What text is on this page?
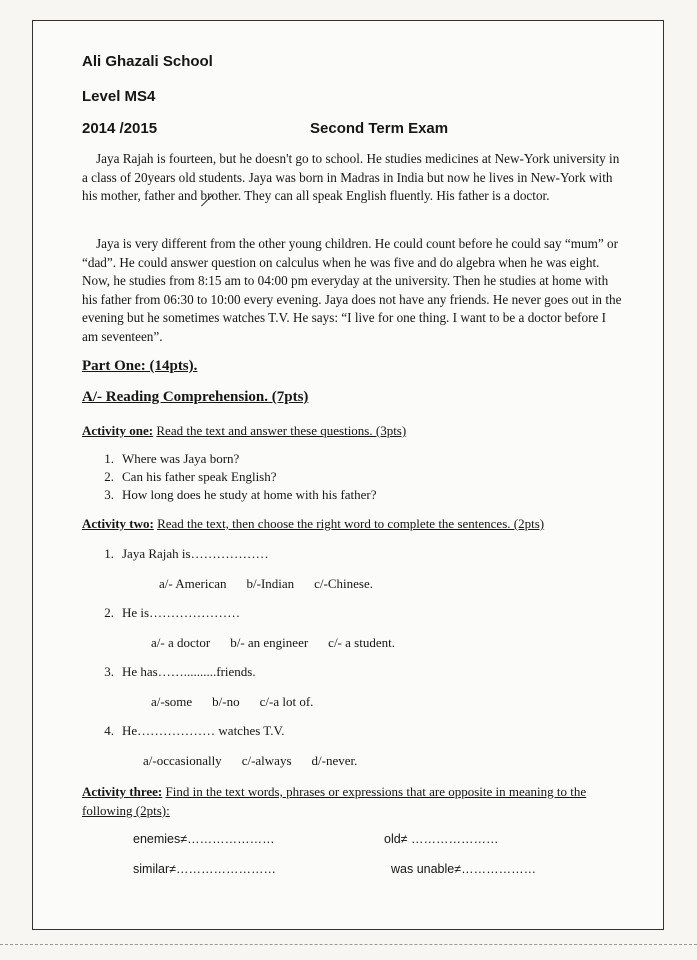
Ali Ghazali School
Level MS4
2014 /2015	Second Term Exam
Jaya Rajah is fourteen, but he doesn't go to school. He studies medicines at New-York university in a class of 20years old students. Jaya was born in Madras in India but now he lives in New-York with his mother, father and brother. They can all speak English fluently. His father is a doctor.
Jaya is very different from the other young children. He could count before he could say “mum” or “dad”. He could answer question on calculus when he was five and do algebra when he was eight. Now, he studies from 8:15 am to 04:00 pm everyday at the university. Then he studies at home with his father from 06:30 to 10:00 every evening. Jaya does not have any friends. He never goes out in the evening but he sometimes watches T.V. He says: “I live for one thing. I want to be a doctor before I am seventeen”.
Part One: (14pts).
A/- Reading Comprehension. (7pts)
Activity one: Read the text and answer these questions. (3pts)
1. Where was Jaya born?
2. Can his father speak English?
3. How long does he study at home with his father?
Activity two: Read the text, then choose the right word to complete the sentences. (2pts)
1. Jaya Rajah is………………
a/- American b/-Indian c/-Chinese.
2. He is…………………
a/- a doctor b/- an engineer c/- a student.
3. He has……..........friends.
a/-some b/-no c/-a lot of.
4. He……………… watches T.V.
a/-occasionally c/-always d/-never.
Activity three: Find in the text words, phrases or expressions that are opposite in meaning to the following (2pts):
enemies≠…………………	old≠ …………………
similar≠……………………	was unable≠………………
